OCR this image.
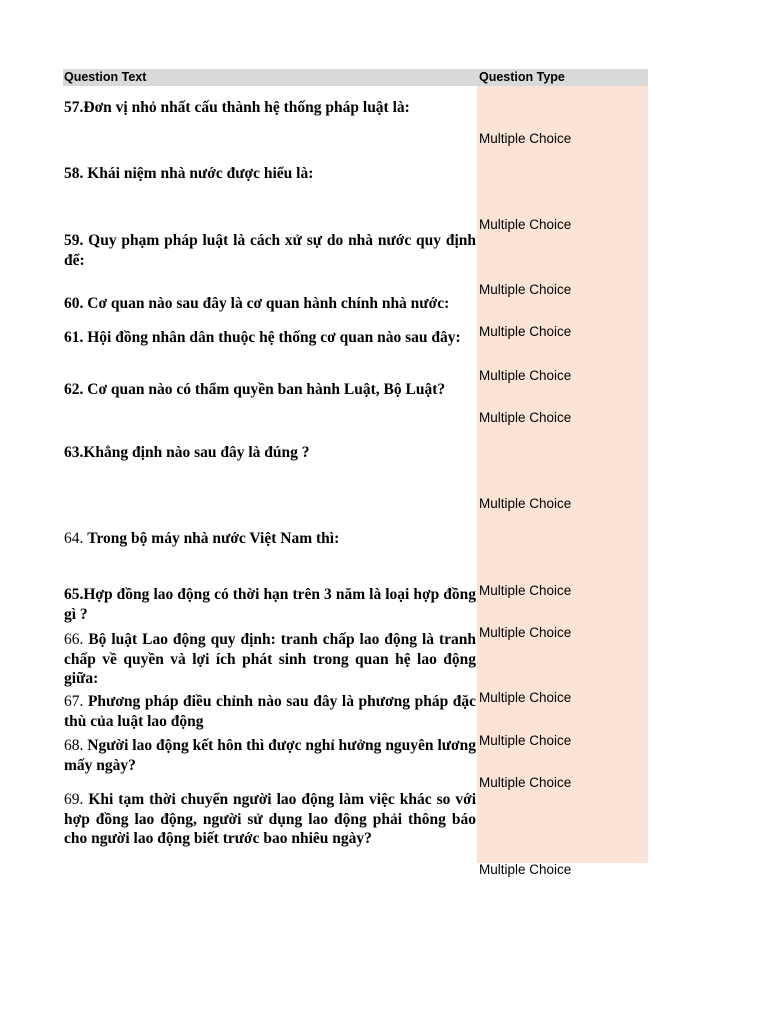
Question Text	Question Type
57.Đơn vị nhỏ nhất cấu thành hệ thống pháp luật là:
Multiple Choice
58. Khái niệm nhà nước được hiểu là:
Multiple Choice
59. Quy phạm pháp luật là cách xử sự do nhà nước quy định để:
Multiple Choice
60. Cơ quan nào sau đây là cơ quan hành chính nhà nước:
Multiple Choice
61. Hội đồng nhân dân thuộc hệ thống cơ quan nào sau đây:
Multiple Choice
62. Cơ quan nào có thẩm quyền ban hành Luật, Bộ Luật?
Multiple Choice
63.Khẳng định nào sau đây là đúng ?
Multiple Choice
64. Trong bộ máy nhà nước Việt Nam thì:
Multiple Choice
65.Hợp đồng lao động có thời hạn trên 3 năm là loại hợp đồng gì ?
Multiple Choice
66. Bộ luật Lao động quy định: tranh chấp lao động là tranh chấp về quyền và lợi ích phát sinh trong quan hệ lao động giữa:
Multiple Choice
67. Phương pháp điều chỉnh nào sau đây là phương pháp đặc thù của luật lao động
Multiple Choice
68. Người lao động kết hôn thì được nghỉ hưởng nguyên lương mấy ngày?
Multiple Choice
69. Khi tạm thời chuyển người lao động làm việc khác so với hợp đồng lao động, người sử dụng lao động phải thông báo cho người lao động biết trước bao nhiêu ngày?
Multiple Choice
